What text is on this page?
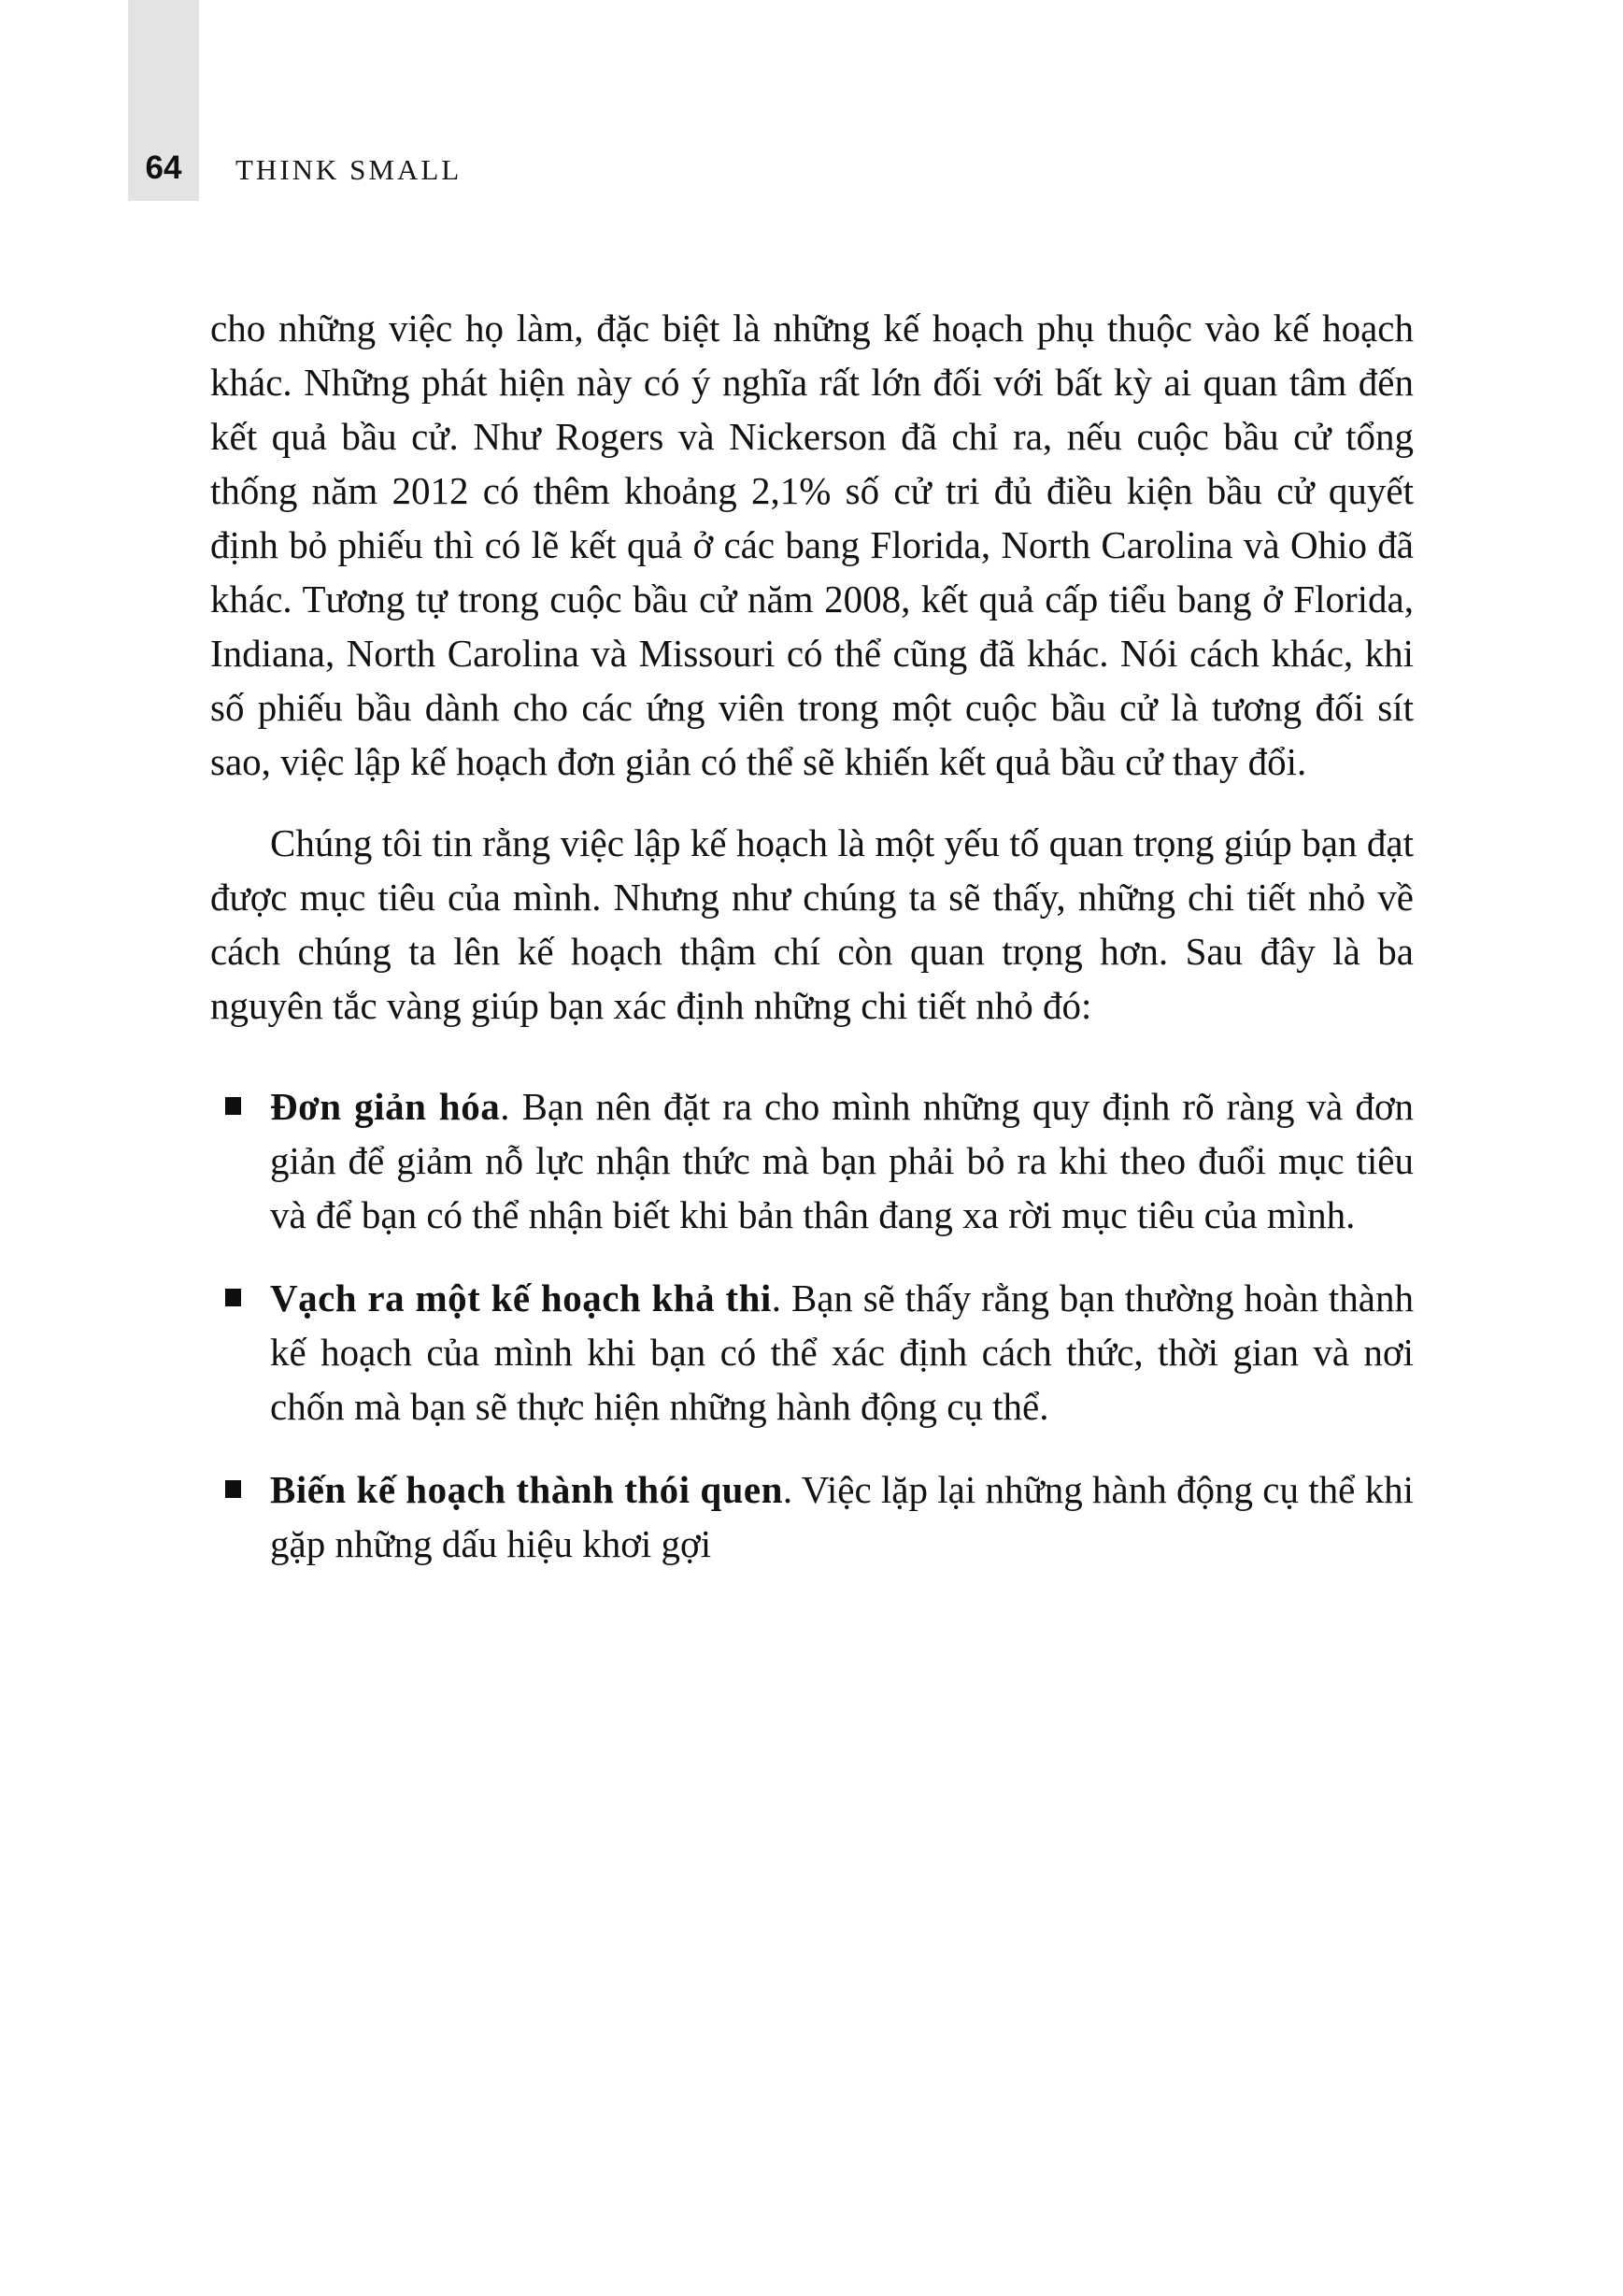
64	THINK SMALL

cho những việc họ làm, đặc biệt là những kế hoạch phụ thuộc vào kế hoạch khác. Những phát hiện này có ý nghĩa rất lớn đối với bất kỳ ai quan tâm đến kết quả bầu cử. Như Rogers và Nickerson đã chỉ ra, nếu cuộc bầu cử tổng thống năm 2012 có thêm khoảng 2,1% số cử tri đủ điều kiện bầu cử quyết định bỏ phiếu thì có lẽ kết quả ở các bang Florida, North Carolina và Ohio đã khác. Tương tự trong cuộc bầu cử năm 2008, kết quả cấp tiểu bang ở Florida, Indiana, North Carolina và Missouri có thể cũng đã khác. Nói cách khác, khi số phiếu bầu dành cho các ứng viên trong một cuộc bầu cử là tương đối sít sao, việc lập kế hoạch đơn giản có thể sẽ khiến kết quả bầu cử thay đổi.

Chúng tôi tin rằng việc lập kế hoạch là một yếu tố quan trọng giúp bạn đạt được mục tiêu của mình. Nhưng như chúng ta sẽ thấy, những chi tiết nhỏ về cách chúng ta lên kế hoạch thậm chí còn quan trọng hơn. Sau đây là ba nguyên tắc vàng giúp bạn xác định những chi tiết nhỏ đó:

Đơn giản hóa. Bạn nên đặt ra cho mình những quy định rõ ràng và đơn giản để giảm nỗ lực nhận thức mà bạn phải bỏ ra khi theo đuổi mục tiêu và để bạn có thể nhận biết khi bản thân đang xa rời mục tiêu của mình.
Vạch ra một kế hoạch khả thi. Bạn sẽ thấy rằng bạn thường hoàn thành kế hoạch của mình khi bạn có thể xác định cách thức, thời gian và nơi chốn mà bạn sẽ thực hiện những hành động cụ thể.
Biến kế hoạch thành thói quen. Việc lặp lại những hành động cụ thể khi gặp những dấu hiệu khơi gợi
